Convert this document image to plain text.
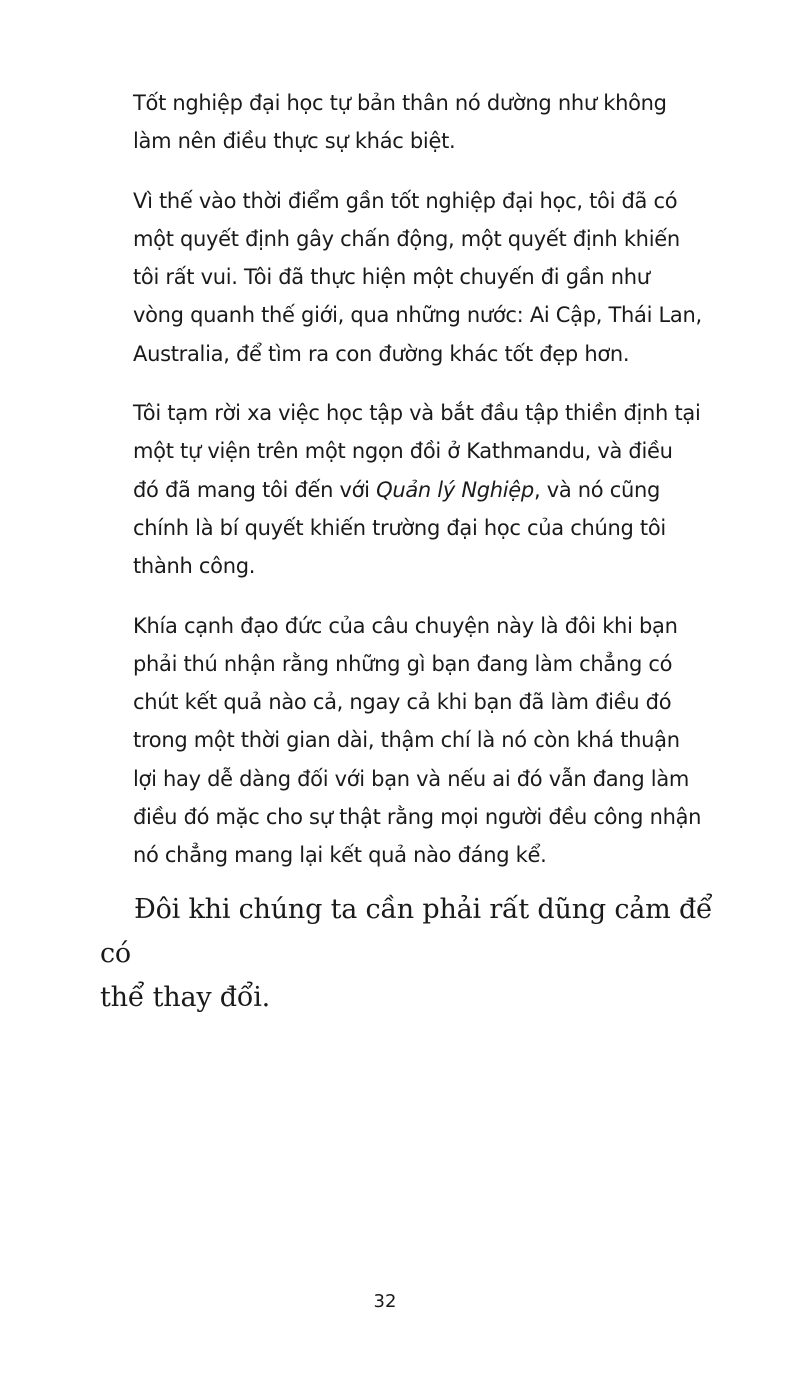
Tốt nghiệp đại học tự bản thân nó dường như không làm nên điều thực sự khác biệt.

Vì thế vào thời điểm gần tốt nghiệp đại học, tôi đã có một quyết định gây chấn động, một quyết định khiến tôi rất vui. Tôi đã thực hiện một chuyến đi gần như vòng quanh thế giới, qua những nước: Ai Cập, Thái Lan, Australia, để tìm ra con đường khác tốt đẹp hơn.

Tôi tạm rời xa việc học tập và bắt đầu tập thiền định tại một tự viện trên một ngọn đồi ở Kathmandu, và điều đó đã mang tôi đến với Quản lý Nghiệp, và nó cũng chính là bí quyết khiến trường đại học của chúng tôi thành công.

Khía cạnh đạo đức của câu chuyện này là đôi khi bạn phải thú nhận rằng những gì bạn đang làm chẳng có chút kết quả nào cả, ngay cả khi bạn đã làm điều đó trong một thời gian dài, thậm chí là nó còn khá thuận lợi hay dễ dàng đối với bạn và nếu ai đó vẫn đang làm điều đó mặc cho sự thật rằng mọi người đều công nhận nó chẳng mang lại kết quả nào đáng kể.

Đôi khi chúng ta cần phải rất dũng cảm để có
thể thay đổi.

32
